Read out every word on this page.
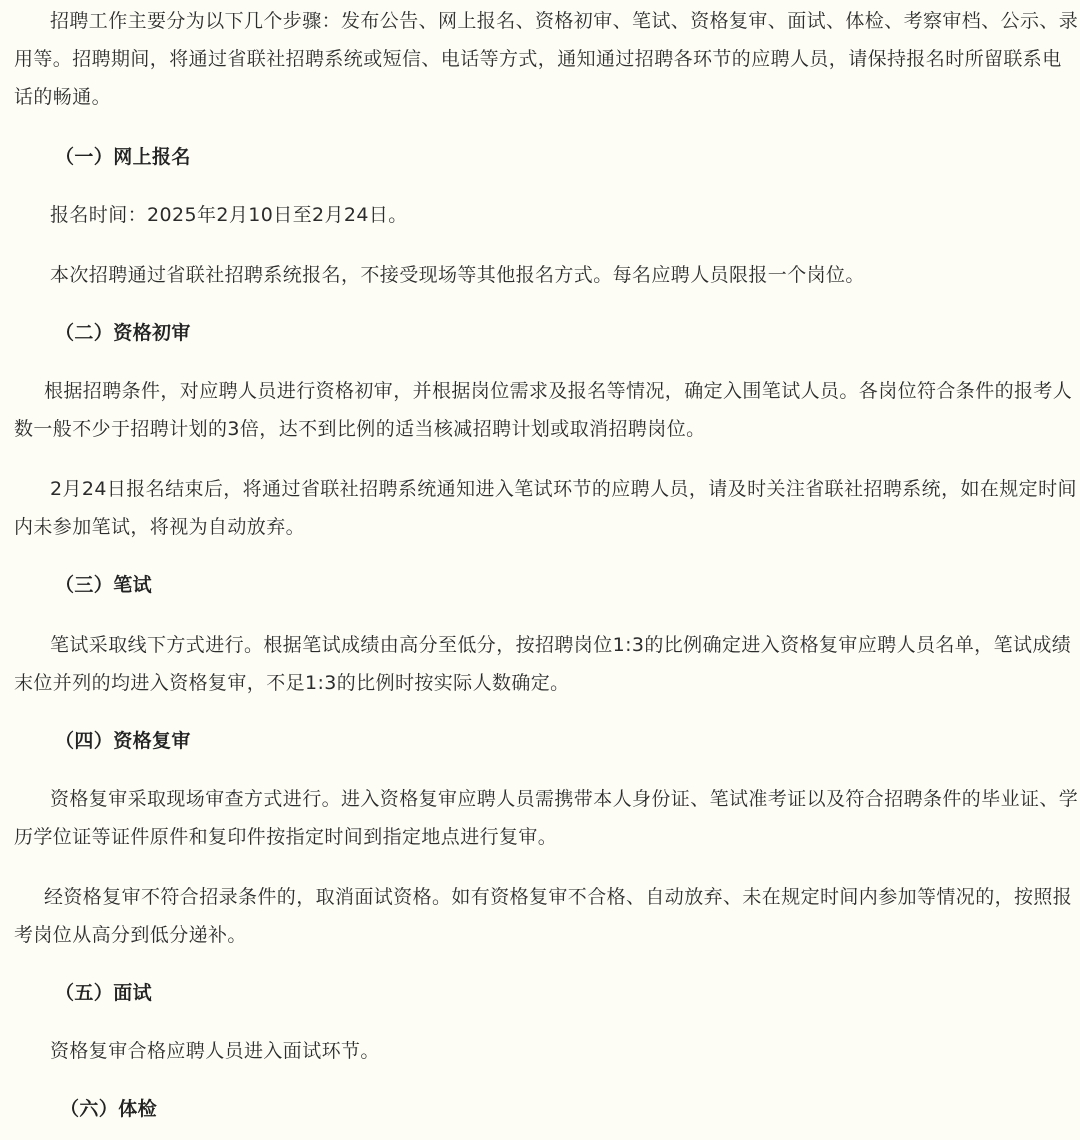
招聘工作主要分为以下几个步骤：发布公告、网上报名、资格初审、笔试、资格复审、面试、体检、考察审档、公示、录
用等。招聘期间，将通过省联社招聘系统或短信、电话等方式，通知通过招聘各环节的应聘人员，请保持报名时所留联系电
话的畅通。
（一）网上报名
报名时间：2025年2月10日至2月24日。
本次招聘通过省联社招聘系统报名，不接受现场等其他报名方式。每名应聘人员限报一个岗位。
（二）资格初审
根据招聘条件，对应聘人员进行资格初审，并根据岗位需求及报名等情况，确定入围笔试人员。各岗位符合条件的报考人
数一般不少于招聘计划的3倍，达不到比例的适当核减招聘计划或取消招聘岗位。
2月24日报名结束后，将通过省联社招聘系统通知进入笔试环节的应聘人员，请及时关注省联社招聘系统，如在规定时间
内未参加笔试，将视为自动放弃。
（三）笔试
笔试采取线下方式进行。根据笔试成绩由高分至低分，按招聘岗位1:3的比例确定进入资格复审应聘人员名单，笔试成绩
末位并列的均进入资格复审，不足1:3的比例时按实际人数确定。
（四）资格复审
资格复审采取现场审查方式进行。进入资格复审应聘人员需携带本人身份证、笔试准考证以及符合招聘条件的毕业证、学
历学位证等证件原件和复印件按指定时间到指定地点进行复审。
经资格复审不符合招录条件的，取消面试资格。如有资格复审不合格、自动放弃、未在规定时间内参加等情况的，按照报
考岗位从高分到低分递补。
（五）面试
资格复审合格应聘人员进入面试环节。
（六）体检
